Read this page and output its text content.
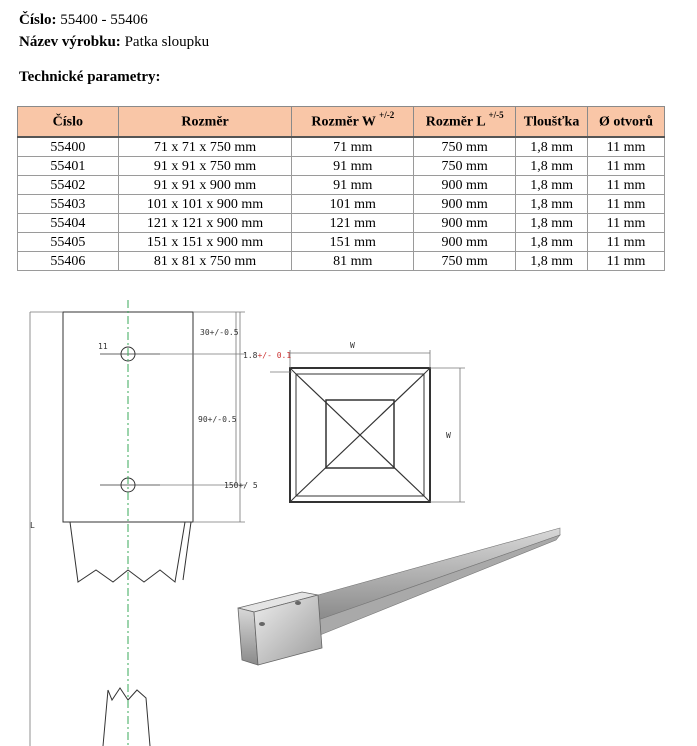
Číslo: 55400 - 55406
Název výrobku: Patka sloupku
Technické parametry:
Číslo	Rozměr	Rozměr W $^{+/-2}$	Rozměr L $^{+/-5}$	Tloušťka	Ø otvorů
55400	71 x 71 x 750 mm	71 mm	750 mm	1,8 mm	11 mm
55401	91 x 91 x 750 mm	91 mm	750 mm	1,8 mm	11 mm
55402	91 x 91 x 900 mm	91 mm	900 mm	1,8 mm	11 mm
55403	101 x 101 x 900 mm	101 mm	900 mm	1,8 mm	11 mm
55404	121 x 121 x 900 mm	121 mm	900 mm	1,8 mm	11 mm
55405	151 x 151 x 900 mm	151 mm	900 mm	1,8 mm	11 mm
55406	81 x 81 x 750 mm	81 mm	750 mm	1,8 mm	11 mm
11
30+/-0.5
90+/-0.5
150+/ 5
L
W
W
1.8+/- 0.1
